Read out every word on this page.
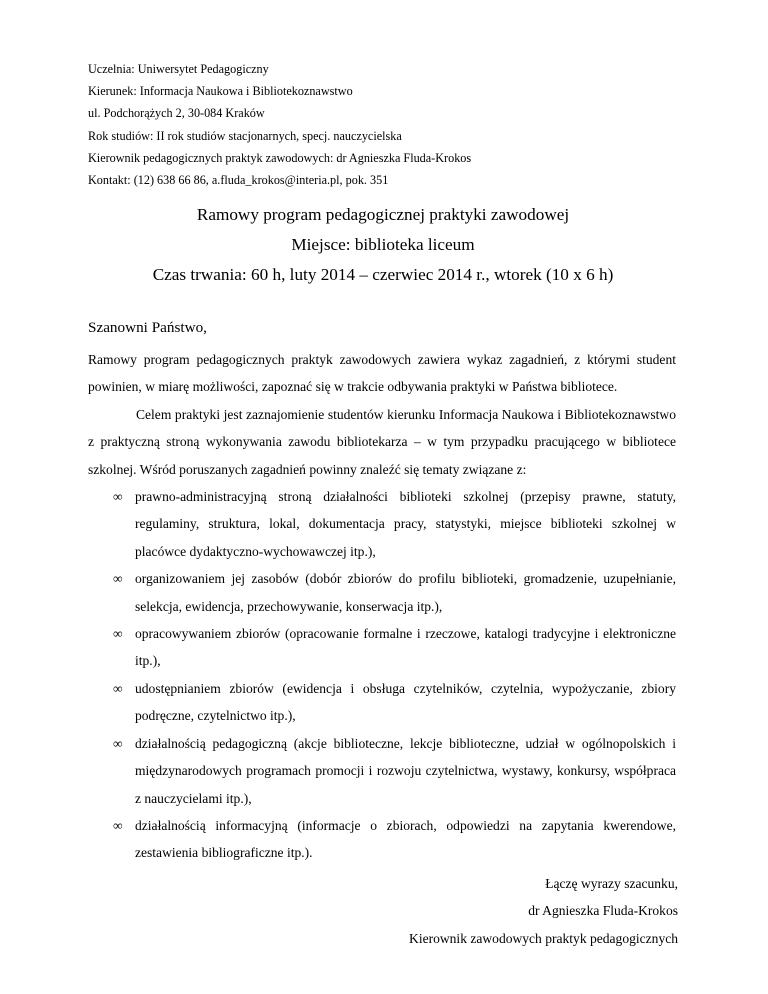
Uczelnia: Uniwersytet Pedagogiczny
Kierunek: Informacja Naukowa i Bibliotekoznawstwo
ul. Podchorążych 2, 30-084 Kraków
Rok studiów: II rok studiów stacjonarnych, specj. nauczycielska
Kierownik pedagogicznych praktyk zawodowych: dr Agnieszka Fluda-Krokos
Kontakt: (12) 638 66 86, a.fluda_krokos@interia.pl, pok. 351
Ramowy program pedagogicznej praktyki zawodowej
Miejsce: biblioteka liceum
Czas trwania: 60 h, luty 2014 – czerwiec 2014 r., wtorek (10 x 6 h)
Szanowni Państwo,

Ramowy program pedagogicznych praktyk zawodowych zawiera wykaz zagadnień, z którymi student powinien, w miarę możliwości, zapoznać się w trakcie odbywania praktyki w Państwa bibliotece.

Celem praktyki jest zaznajomienie studentów kierunku Informacja Naukowa i Bibliotekoznawstwo z praktyczną stroną wykonywania zawodu bibliotekarza – w tym przypadku pracującego w bibliotece szkolnej. Wśród poruszanych zagadnień powinny znaleźć się tematy związane z:

∞ prawno-administracyjną stroną działalności biblioteki szkolnej (przepisy prawne, statuty, regulaminy, struktura, lokal, dokumentacja pracy, statystyki, miejsce biblioteki szkolnej w placówce dydaktyczno-wychowawczej itp.),
∞ organizowaniem jej zasobów (dobór zbiorów do profilu biblioteki, gromadzenie, uzupełnianie, selekcja, ewidencja, przechowywanie, konserwacja itp.),
∞ opracowywaniem zbiorów (opracowanie formalne i rzeczowe, katalogi tradycyjne i elektroniczne itp.),
∞ udostępnianiem zbiorów (ewidencja i obsługa czytelników, czytelnia, wypożyczanie, zbiory podręczne, czytelnictwo itp.),
∞ działalnością pedagogiczną (akcje biblioteczne, lekcje biblioteczne, udział w ogólnopolskich i międzynarodowych programach promocji i rozwoju czytelnictwa, wystawy, konkursy, współpraca z nauczycielami itp.),
∞ działalnością informacyjną (informacje o zbiorach, odpowiedzi na zapytania kwerendowe, zestawienia bibliograficzne itp.).
Łączę wyrazy szacunku,
dr Agnieszka Fluda-Krokos
Kierownik zawodowych praktyk pedagogicznych
